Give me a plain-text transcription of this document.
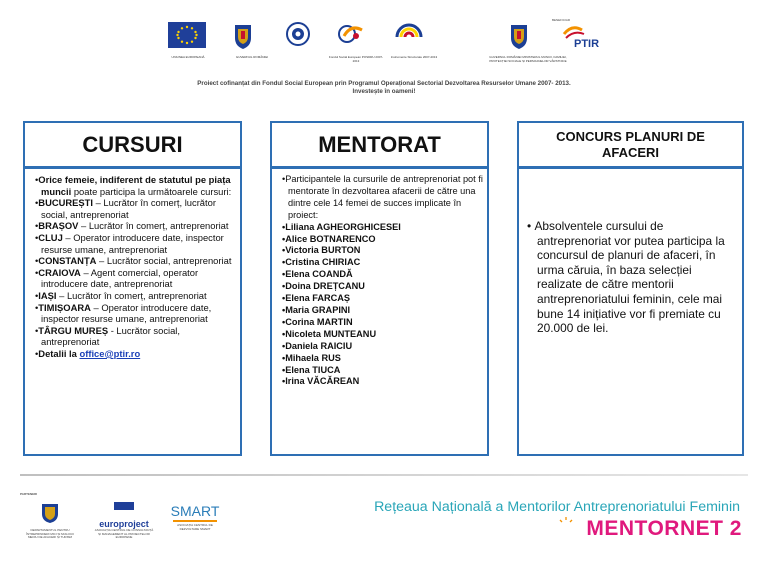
UNIUNEA EUROPEANĂ	GUVERNUL ROMÂNIEI	Fondul Social European POSDRU 2007-2013
Instrumente Structurale 2007-2013	GUVERNUL ROMÂNIEI MINISTERUL MUNCII, FAMILIEI, PROTECȚIEI SOCIALE ȘI PERSOANELOR VÂRSTNICE
PTIR
BENEFICIAR
Proiect cofinanțat din Fondul Social European prin Programul Operațional Sectorial Dezvoltarea Resurselor Umane 2007- 2013.
Investește în oameni!
CURSURI
•Orice femeie, indiferent de statutul pe piața muncii poate participa la următoarele cursuri:
•BUCUREȘTI – Lucrător în comerț, lucrător social, antreprenoriat
•BRAȘOV – Lucrător în comerț, antreprenoriat
•CLUJ – Operator introducere date, inspector resurse umane, antreprenoriat
•CONSTANȚA – Lucrător social, antreprenoriat
•CRAIOVA – Agent comercial, operator introducere date, antreprenoriat
•IAȘI – Lucrător în comerț, antreprenoriat
•TIMIȘOARA – Operator introducere date, inspector resurse umane, antreprenoriat
•TÂRGU MUREȘ - Lucrător social, antreprenoriat
•Detalii la office@ptir.ro
MENTORAT
•Participantele la cursurile de antreprenoriat pot fi mentorate în dezvoltarea afacerii de către una dintre cele 14 femei de succes implicate în proiect:
•Liliana AGHEORGHICESEI
•Alice BOTNARENCO
•Victoria BURTON
•Cristina CHIRIAC
•Elena COANDĂ
•Doina DREȚCANU
•Elena FARCAȘ
•Maria GRAPINI
•Corina MARTIN
•Nicoleta MUNTEANU
•Daniela RAICIU
•Mihaela RUS
•Elena TIUCA
•Irina VĂCĂREAN
CONCURS PLANURI DE AFACERI
• Absolventele cursului de antreprenoriat vor putea participa la concursul de planuri de afaceri, în urma căruia, în baza selecției realizate de către mentorii antreprenoriatului feminin, cele mai bune 14 inițiative vor fi premiate cu 20.000 de lei.
PARTENERI
DEPARTAMENTUL PENTRU ÎNTREPRINDERI MICI ȘI MIJLOCII MEDIU DE AFACERI ȘI TURISM
europroject
ASOCIAȚIA CENTRUL DE CONSULTANȚĂ ȘI MANAGEMENT AL PROIECTELOR EUROPENE
SMART
ASOCIAȚIA CENTRUL DE DEZVOLTARE SMART
Rețeaua Națională a Mentorilor Antreprenoriatului Feminin
MENTORNET 2
